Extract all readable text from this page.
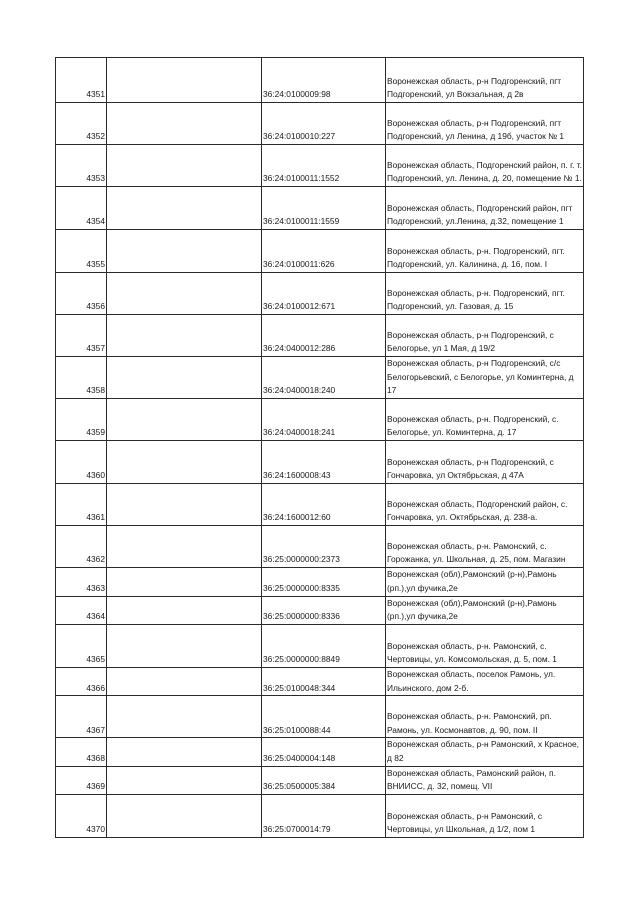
4351		36:24:0100009:98	Воронежская область, р-н Подгоренский, пгт Подгоренский, ул Вокзальная, д 2в
4352		36:24:0100010:227	Воронежская область, р-н Подгоренский, пгт Подгоренский, ул Ленина, д 19б, участок № 1
4353		36:24:0100011:1552	Воронежская область, Подгоренский район, п. г. т. Подгоренский, ул. Ленина, д. 20, помещение № 1.
4354		36:24:0100011:1559	Воронежская область, Подгоренский район, пгт Подгоренский, ул.Ленина, д.32, помещение 1
4355		36:24:0100011:626	Воронежская область, р-н. Подгоренский, пгт. Подгоренский, ул. Калинина, д. 16, пом. I
4356		36:24:0100012:671	Воронежская область, р-н. Подгоренский, пгт. Подгоренский, ул. Газовая, д. 15
4357		36:24:0400012:286	Воронежская область, р-н Подгоренский, с Белогорье, ул 1 Мая, д 19/2
4358		36:24:0400018:240	Воронежская область, р-н Подгоренский, с/с Белогорьевский, с Белогорье, ул Коминтерна, д 17
4359		36:24:0400018:241	Воронежская область, р-н. Подгоренский, с. Белогорье, ул. Коминтерна, д. 17
4360		36:24:1600008:43	Воронежская область, р-н Подгоренский, с Гончаровка, ул Октябрьская, д 47А
4361		36:24:1600012:60	Воронежская область, Подгоренский район, с. Гончаровка, ул. Октябрьская, д. 238-а.
4362		36:25:0000000:2373	Воронежская область, р-н. Рамонский, с. Горожанка, ул. Школьная, д. 25, пом. Магазин
4363		36:25:0000000:8335	Воронежская (обл),Рамонский (р-н),Рамонь (рп.),ул фучика,2е
4364		36:25:0000000:8336	Воронежская (обл),Рамонский (р-н),Рамонь (рп.),ул фучика,2е
4365		36:25:0000000:8849	Воронежская область, р-н. Рамонский, с. Чертовицы, ул. Комсомольская, д. 5, пом. 1
4366		36:25:0100048:344	Воронежская область, поселок Рамонь, ул. Ильинского, дом 2-б.
4367		36:25:0100088:44	Воронежская область, р-н. Рамонский, рп. Рамонь, ул. Космонавтов, д. 90, пом. II
4368		36:25:0400004:148	Воронежская область, р-н Рамонский, х Красное, д 82
4369		36:25:0500005:384	Воронежская область, Рамонский район, п. ВНИИСС, д. 32, помещ. VII
4370		36:25:0700014:79	Воронежская область, р-н Рамонский, с Чертовицы, ул Школьная, д 1/2, пом 1
